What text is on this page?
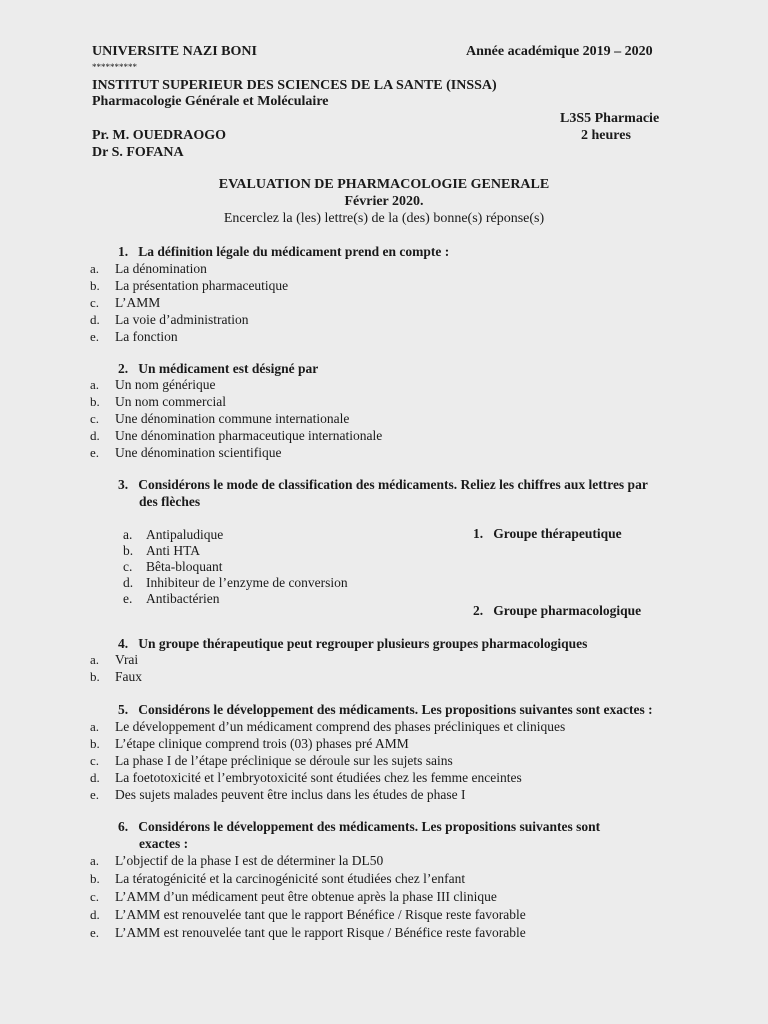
UNIVERSITE NAZI BONI	Année académique 2019 – 2020
**********
INSTITUT SUPERIEUR DES SCIENCES DE LA SANTE (INSSA)
Pharmacologie Générale et Moléculaire
L3S5 Pharmacie
2 heures
Pr. M. OUEDRAOGO
Dr S. FOFANA
EVALUATION DE PHARMACOLOGIE GENERALE
Février 2020.
Encerclez la (les) lettre(s) de la (des) bonne(s) réponse(s)
1. La définition légale du médicament prend en compte :
a. La dénomination
b. La présentation pharmaceutique
c. L’AMM
d. La voie d’administration
e. La fonction
2. Un médicament est désigné par
a. Un nom générique
b. Un nom commercial
c. Une dénomination commune internationale
d. Une dénomination pharmaceutique internationale
e. Une dénomination scientifique
3. Considérons le mode de classification des médicaments. Reliez les chiffres aux lettres par
des flèches
a. Antipaludique
b. Anti HTA
c. Bêta-bloquant
d. Inhibiteur de l’enzyme de conversion
e. Antibactérien
1. Groupe thérapeutique
2. Groupe pharmacologique
4. Un groupe thérapeutique peut regrouper plusieurs groupes pharmacologiques
a. Vrai
b. Faux
5. Considérons le développement des médicaments. Les propositions suivantes sont exactes :
a. Le développement d’un médicament comprend des phases précliniques et cliniques
b. L’étape clinique comprend trois (03) phases pré AMM
c. La phase I de l’étape préclinique se déroule sur les sujets sains
d. La foetotoxicité et l’embryotoxicité sont étudiées chez les femme enceintes
e. Des sujets malades peuvent être inclus dans les études de phase I
6. Considérons le développement des médicaments. Les propositions suivantes sont
exactes :
a. L’objectif de la phase I est de déterminer la DL50
b. La tératogénicité et la carcinogénicité sont étudiées chez l’enfant
c. L’AMM d’un médicament peut être obtenue après la phase III clinique
d. L’AMM est renouvelée tant que le rapport Bénéfice / Risque reste favorable
e. L’AMM est renouvelée tant que le rapport Risque / Bénéfice reste favorable
